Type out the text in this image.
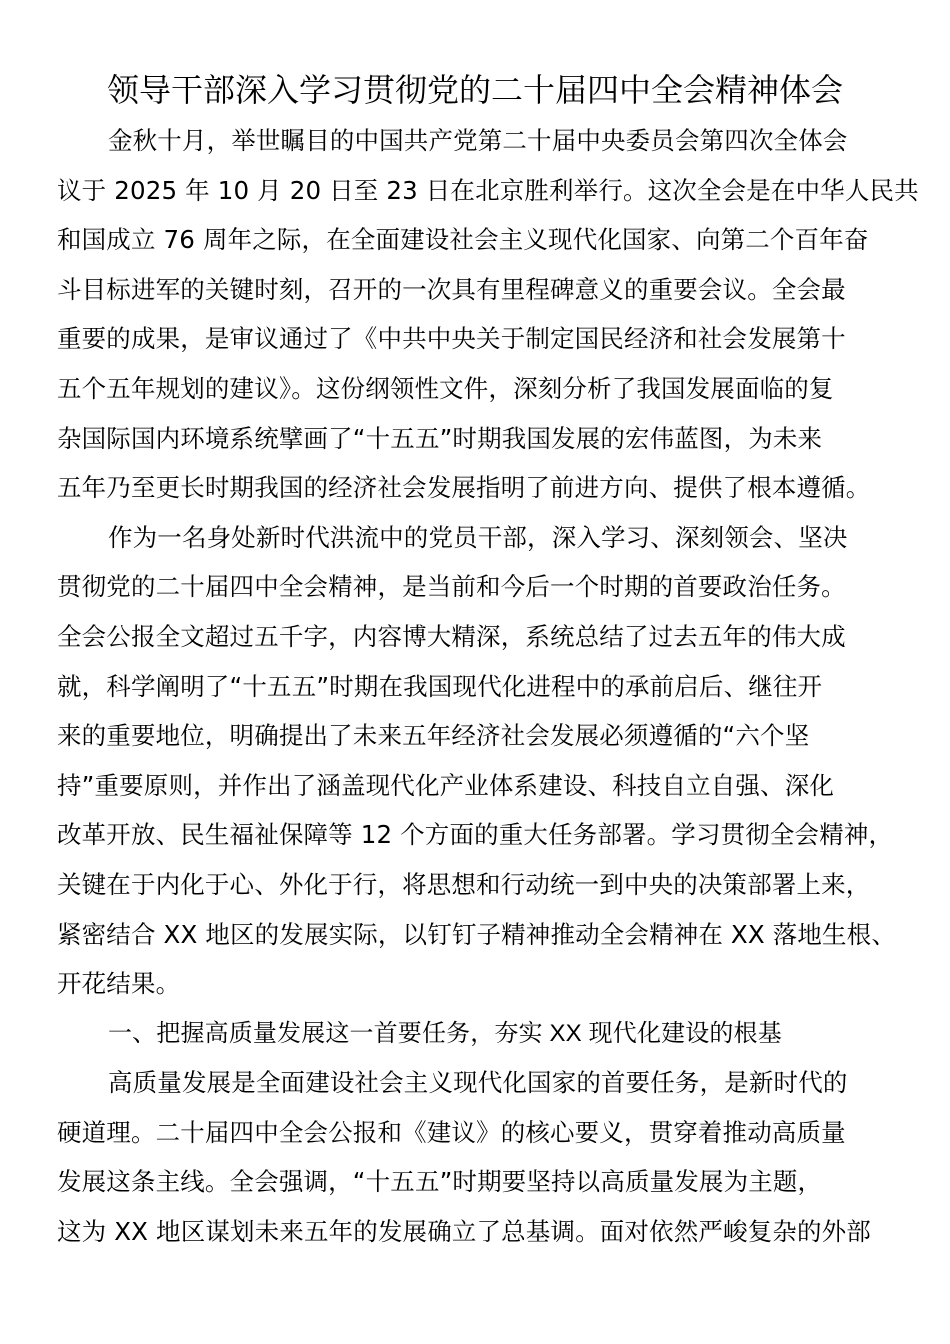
领导干部深入学习贯彻党的二十届四中全会精神体会

金秋十月，举世瞩目的中国共产党第二十届中央委员会第四次全体会
议于 2025 年 10 月 20 日至 23 日在北京胜利举行。这次全会是在中华人民共
和国成立 76 周年之际，在全面建设社会主义现代化国家、向第二个百年奋
斗目标进军的关键时刻，召开的一次具有里程碑意义的重要会议。全会最
重要的成果，是审议通过了《中共中央关于制定国民经济和社会发展第十
五个五年规划的建议》。这份纲领性文件，深刻分析了我国发展面临的复
杂国际国内环境系统擘画了“十五五”时期我国发展的宏伟蓝图，为未来
五年乃至更长时期我国的经济社会发展指明了前进方向、提供了根本遵循。

作为一名身处新时代洪流中的党员干部，深入学习、深刻领会、坚决
贯彻党的二十届四中全会精神，是当前和今后一个时期的首要政治任务。
全会公报全文超过五千字，内容博大精深，系统总结了过去五年的伟大成
就，科学阐明了“十五五”时期在我国现代化进程中的承前启后、继往开
来的重要地位，明确提出了未来五年经济社会发展必须遵循的“六个坚
持”重要原则，并作出了涵盖现代化产业体系建设、科技自立自强、深化
改革开放、民生福祉保障等 12 个方面的重大任务部署。学习贯彻全会精神，
关键在于内化于心、外化于行，将思想和行动统一到中央的决策部署上来，
紧密结合 XX 地区的发展实际，以钉钉子精神推动全会精神在 XX 落地生根、
开花结果。

一、把握高质量发展这一首要任务，夯实 XX 现代化建设的根基

高质量发展是全面建设社会主义现代化国家的首要任务，是新时代的
硬道理。二十届四中全会公报和《建议》的核心要义，贯穿着推动高质量
发展这条主线。全会强调，“十五五”时期要坚持以高质量发展为主题，
这为 XX 地区谋划未来五年的发展确立了总基调。面对依然严峻复杂的外部
